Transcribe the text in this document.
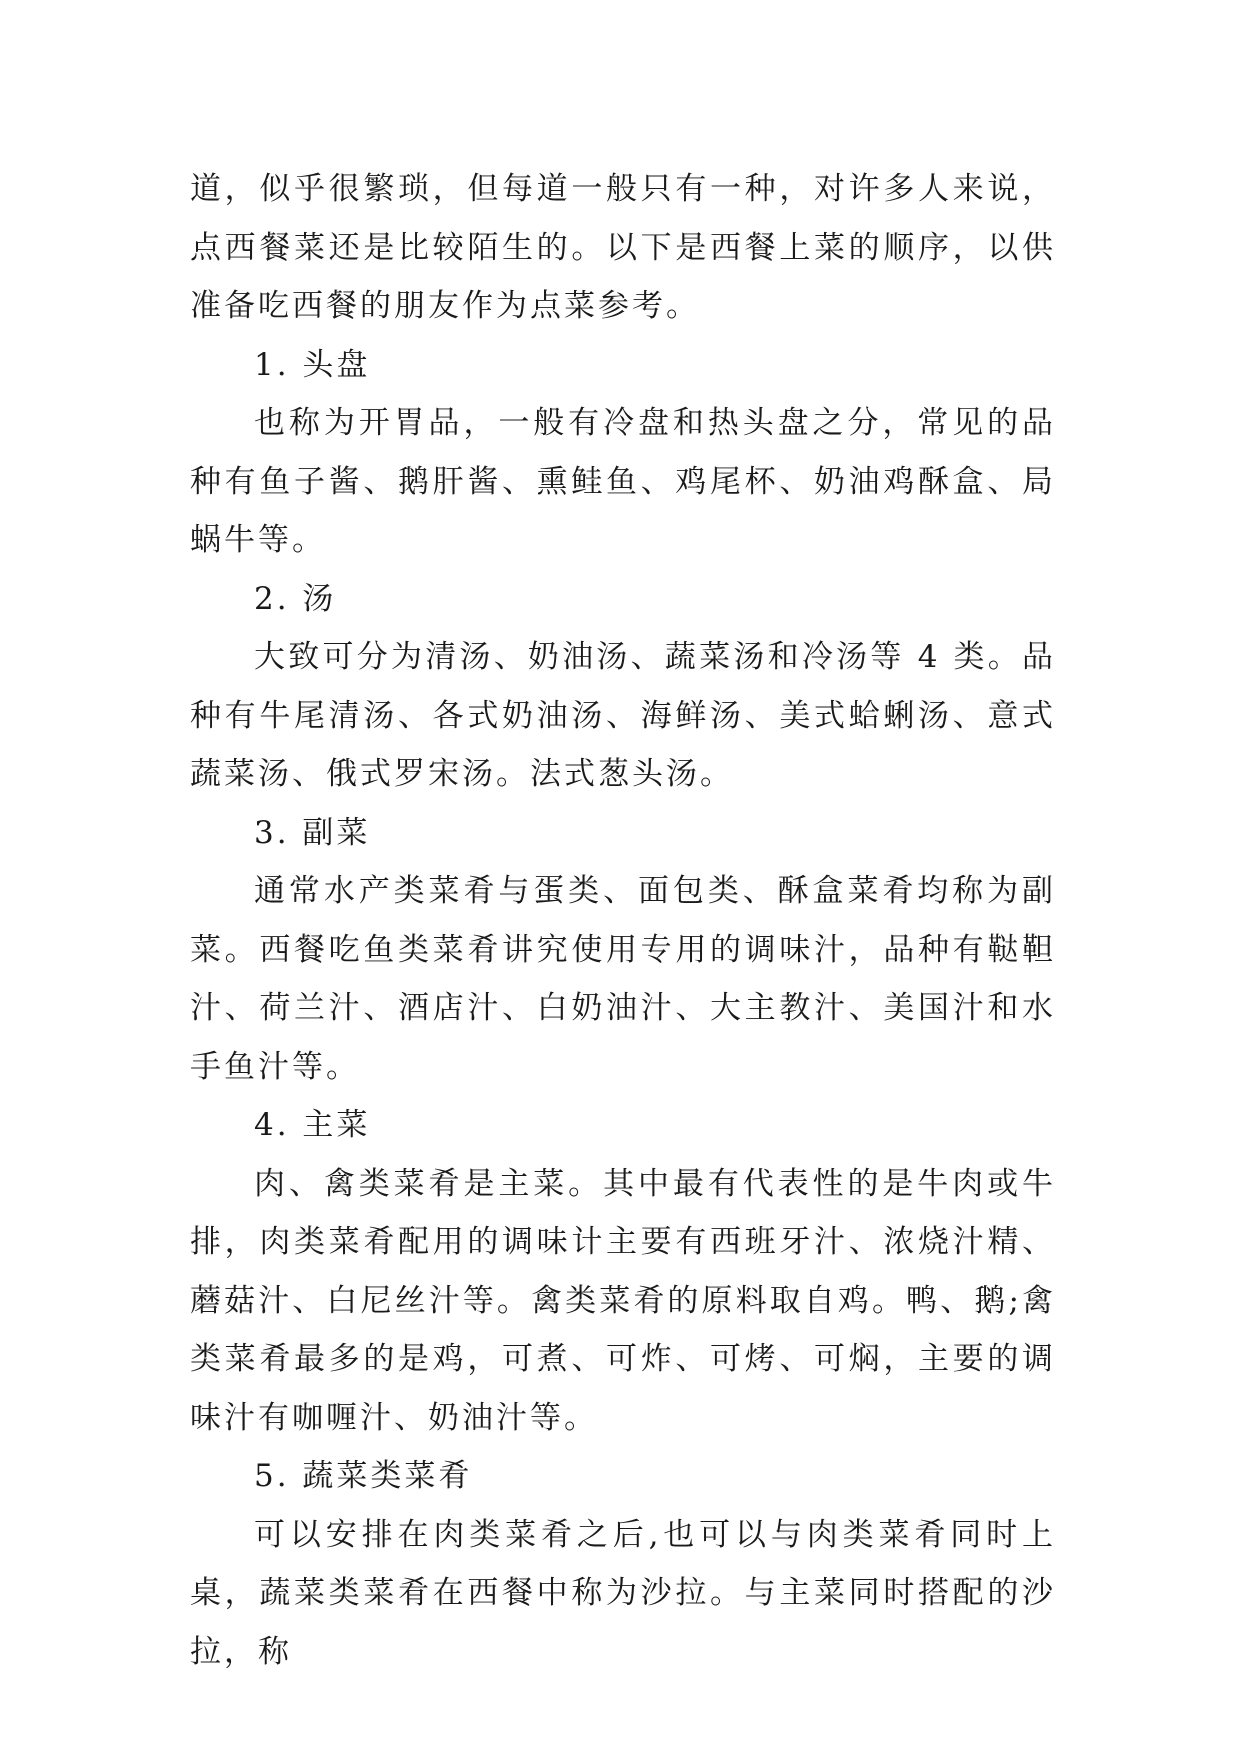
道，似乎很繁琐，但每道一般只有一种，对许多人来说，点西餐菜还是比较陌生的。以下是西餐上菜的顺序，以供准备吃西餐的朋友作为点菜参考。

1. 头盘

也称为开胃品，一般有冷盘和热头盘之分，常见的品种有鱼子酱、鹅肝酱、熏鲑鱼、鸡尾杯、奶油鸡酥盒、局蜗牛等。

2. 汤

大致可分为清汤、奶油汤、蔬菜汤和冷汤等 4 类。品种有牛尾清汤、各式奶油汤、海鲜汤、美式蛤蜊汤、意式蔬菜汤、俄式罗宋汤。法式葱头汤。

3. 副菜

通常水产类菜肴与蛋类、面包类、酥盒菜肴均称为副菜。西餐吃鱼类菜肴讲究使用专用的调味汁，品种有鞑靼汁、荷兰汁、酒店汁、白奶油汁、大主教汁、美国汁和水手鱼汁等。

4. 主菜

肉、禽类菜肴是主菜。其中最有代表性的是牛肉或牛排，肉类菜肴配用的调味计主要有西班牙汁、浓烧汁精、蘑菇汁、白尼丝汁等。禽类菜肴的原料取自鸡。鸭、鹅;禽类菜肴最多的是鸡，可煮、可炸、可烤、可焖，主要的调味汁有咖喱汁、奶油汁等。

5. 蔬菜类菜肴

可以安排在肉类菜肴之后,也可以与肉类菜肴同时上桌，蔬菜类菜肴在西餐中称为沙拉。与主菜同时搭配的沙拉，称
